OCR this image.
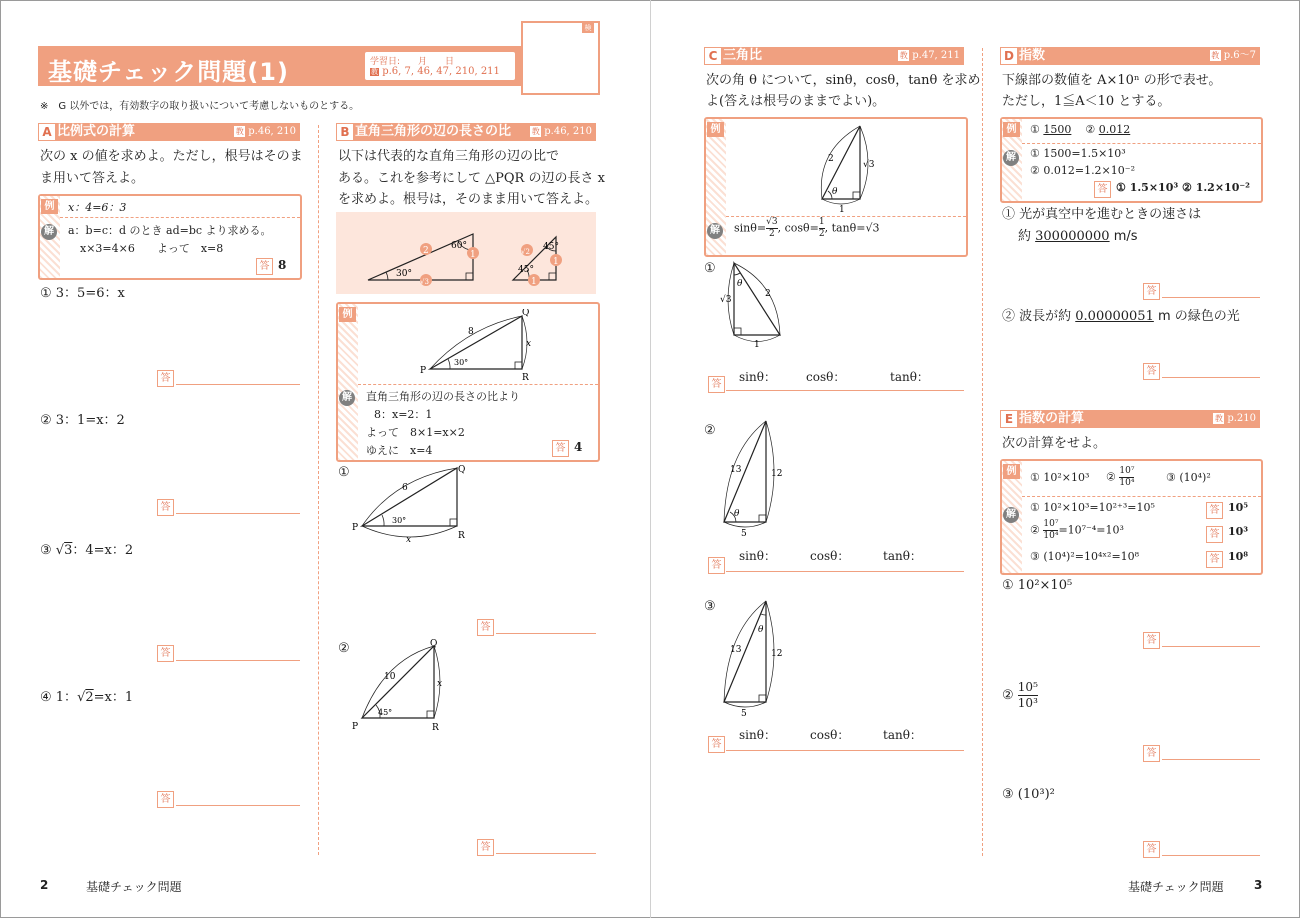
基礎チェック問題(1)	学習日:　　月　　日
教 p.6, 7, 46, 47, 210, 211
検
※　G 以外では，有効数字の取り扱いについて考慮しないものとする。
A 比例式の計算	教 p.46, 210
次の x の値を求めよ。ただし，根号はそのま
ま用いて答えよ。
例	x：4=6：3
解 a：b=c：d のとき ad=bc より求める。
x×3=4×6　　よって　x=8
答 8
① 3：5=6：x
答
② 3：1=x：2
答
③ √3：4=x：2
答
④ 1：√2=x：1
答
B 直角三角形の辺の長さの比	教 p.46, 210
以下は代表的な直角三角形の辺の比で
ある。これを参考にして △PQR の辺の長さ x
を求めよ。根号は，そのまま用いて答えよ。
30°
60°
2	1
√3
45°
45°
√2
1
1
例
30°
8
x
P
Q
R
解 直角三角形の辺の長さの比より
8：x=2：1
よって　8×1=x×2
ゆえに　x=4	答 4
①
30°
6
x
P
Q
R
答
②
45°
10
x
P
Q
R
答
C 三角比	教 p.47, 211
次の角 θ について，sinθ，cosθ，tanθ を求め
よ(答えは根号のままでよい)。
例
θ
2
√3
1
解 $\sin\theta= \frac{√3}{2}$ , $\cos\theta= \frac{1}{2}$ , tanθ=√3
①
θ
√3
2
1
答
sinθ：	cosθ：	tanθ：
②
θ
13	12
5
答
sinθ：	cosθ：	tanθ：
③
θ
13	12
5
答
sinθ：	cosθ：	tanθ：
D 指数	教 p.6～7
下線部の数値を A×10ⁿ の形で表せ。
ただし，1≦A＜10 とする。
例	① 1500 ② 0.012
解 ① 1500=1.5×10³
② 0.012=1.2×10⁻²
答 ① 1.5×10³ ② 1.2×10⁻²
① 光が真空中を進むときの速さは
約 300000000 m/s
答
② 波長が約 0.00000051 m の緑色の光
答
E 指数の計算	教 p.210
次の計算をせよ。
例	① 10²×10³ ② $\frac{\text{10⁷}}{\text{10⁴}}$	③ (10⁴)²
解
① 10²×10³=10²⁺³=10⁵	答 10⁵
② $\frac{\text{10⁷}}{\text{10⁴}} =10^{7-4}=10^3$	答 10³
③ (10⁴)²=10⁴ˣ²=10⁸	答 10⁸
① 10²×10⁵
答
② $\frac{\text{10⁵}}{\text{10³}}$
答
③ (10³)²
答
2	基礎チェック問題	基礎チェック問題	3
